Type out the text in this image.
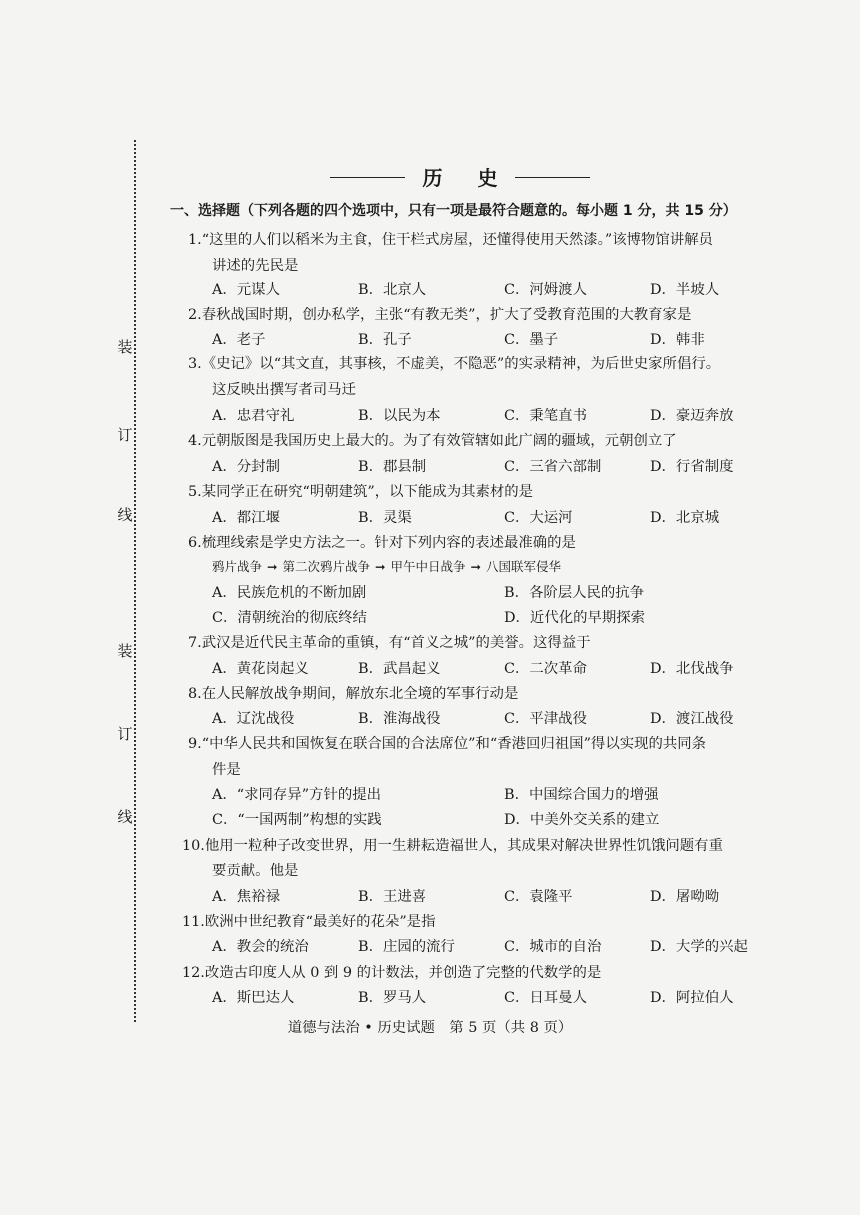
装
订
线
装
订
线
历 史
一、选择题（下列各题的四个选项中，只有一项是最符合题意的。每小题 1 分，共 15 分）
1.“这里的人们以稻米为主食，住干栏式房屋，还懂得使用天然漆。”该博物馆讲解员
讲述的先民是
A．元谋人	B．北京人	C．河姆渡人	D．半坡人
2.春秋战国时期，创办私学，主张“有教无类”，扩大了受教育范围的大教育家是
A．老子	B．孔子	C．墨子	D．韩非
3.《史记》以“其文直，其事核，不虚美，不隐恶”的实录精神，为后世史家所倡行。
这反映出撰写者司马迁
A．忠君守礼	B．以民为本	C．秉笔直书	D．豪迈奔放
4.元朝版图是我国历史上最大的。为了有效管辖如此广阔的疆域，元朝创立了
A．分封制	B．郡县制	C．三省六部制	D．行省制度
5.某同学正在研究“明朝建筑”，以下能成为其素材的是
A．都江堰	B．灵渠	C．大运河	D．北京城
6.梳理线索是学史方法之一。针对下列内容的表述最准确的是
鸦片战争 ➞ 第二次鸦片战争 ➞ 甲午中日战争 ➞ 八国联军侵华
A．民族危机的不断加剧	B．各阶层人民的抗争
C．清朝统治的彻底终结	D．近代化的早期探索
7.武汉是近代民主革命的重镇，有“首义之城”的美誉。这得益于
A．黄花岗起义	B．武昌起义	C．二次革命	D．北伐战争
8.在人民解放战争期间，解放东北全境的军事行动是
A．辽沈战役	B．淮海战役	C．平津战役	D．渡江战役
9.“中华人民共和国恢复在联合国的合法席位”和“香港回归祖国”得以实现的共同条
件是
A．“求同存异”方针的提出	B．中国综合国力的增强
C．“一国两制”构想的实践	D．中美外交关系的建立
10.他用一粒种子改变世界，用一生耕耘造福世人，其成果对解决世界性饥饿问题有重
要贡献。他是
A．焦裕禄	B．王进喜	C．袁隆平	D．屠呦呦
11.欧洲中世纪教育“最美好的花朵”是指
A．教会的统治	B．庄园的流行	C．城市的自治	D．大学的兴起
12.改造古印度人从 0 到 9 的计数法，并创造了完整的代数学的是
A．斯巴达人	B．罗马人	C．日耳曼人	D．阿拉伯人
道德与法治 • 历史试题　第 5 页（共 8 页）
